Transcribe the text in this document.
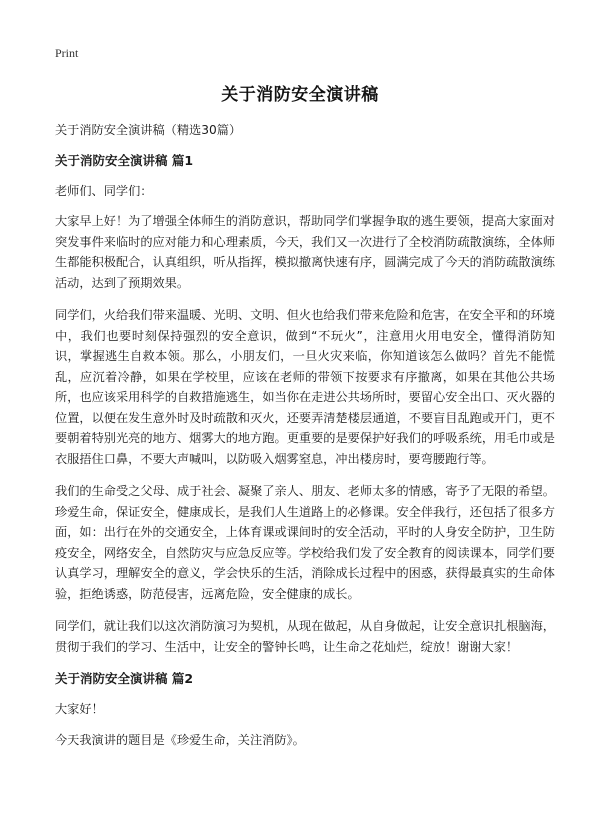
Print
关于消防安全演讲稿

关于消防安全演讲稿（精选30篇）

关于消防安全演讲稿 篇1

老师们、同学们：

大家早上好！为了增强全体师生的消防意识，帮助同学们掌握争取的逃生要领，提高大家面对突发事件来临时的应对能力和心理素质，今天，我们又一次进行了全校消防疏散演练，全体师生都能积极配合，认真组织，听从指挥，模拟撤离快速有序，圆满完成了今天的消防疏散演练活动，达到了预期效果。

同学们，火给我们带来温暖、光明、文明、但火也给我们带来危险和危害，在安全平和的环境中，我们也要时刻保持强烈的安全意识，做到“不玩火”，注意用火用电安全，懂得消防知识，掌握逃生自救本领。那么，小朋友们，一旦火灾来临，你知道该怎么做吗？首先不能慌乱，应沉着冷静，如果在学校里，应该在老师的带领下按要求有序撤离，如果在其他公共场所，也应该采用科学的自救措施逃生，如当你在走进公共场所时，要留心安全出口、灭火器的位置，以便在发生意外时及时疏散和灭火，还要弄清楚楼层通道，不要盲目乱跑或开门，更不要朝着特别光亮的地方、烟雾大的地方跑。更重要的是要保护好我们的呼吸系统，用毛巾或是衣服捂住口鼻，不要大声喊叫，以防吸入烟雾窒息，冲出楼房时，要弯腰跑行等。

我们的生命受之父母、成于社会、凝聚了亲人、朋友、老师太多的情感，寄予了无限的希望。珍爱生命，保证安全，健康成长，是我们人生道路上的必修课。安全伴我行，还包括了很多方面，如：出行在外的交通安全，上体育课或课间时的安全活动，平时的人身安全防护，卫生防疫安全，网络安全，自然防灾与应急反应等。学校给我们发了安全教育的阅读课本，同学们要认真学习，理解安全的意义，学会快乐的生活，消除成长过程中的困惑，获得最真实的生命体验，拒绝诱惑，防范侵害，远离危险，安全健康的成长。

同学们，就让我们以这次消防演习为契机，从现在做起，从自身做起，让安全意识扎根脑海，贯彻于我们的学习、生活中，让安全的警钟长鸣，让生命之花灿烂，绽放！谢谢大家！

关于消防安全演讲稿 篇2

大家好！

今天我演讲的题目是《珍爱生命，关注消防》。
